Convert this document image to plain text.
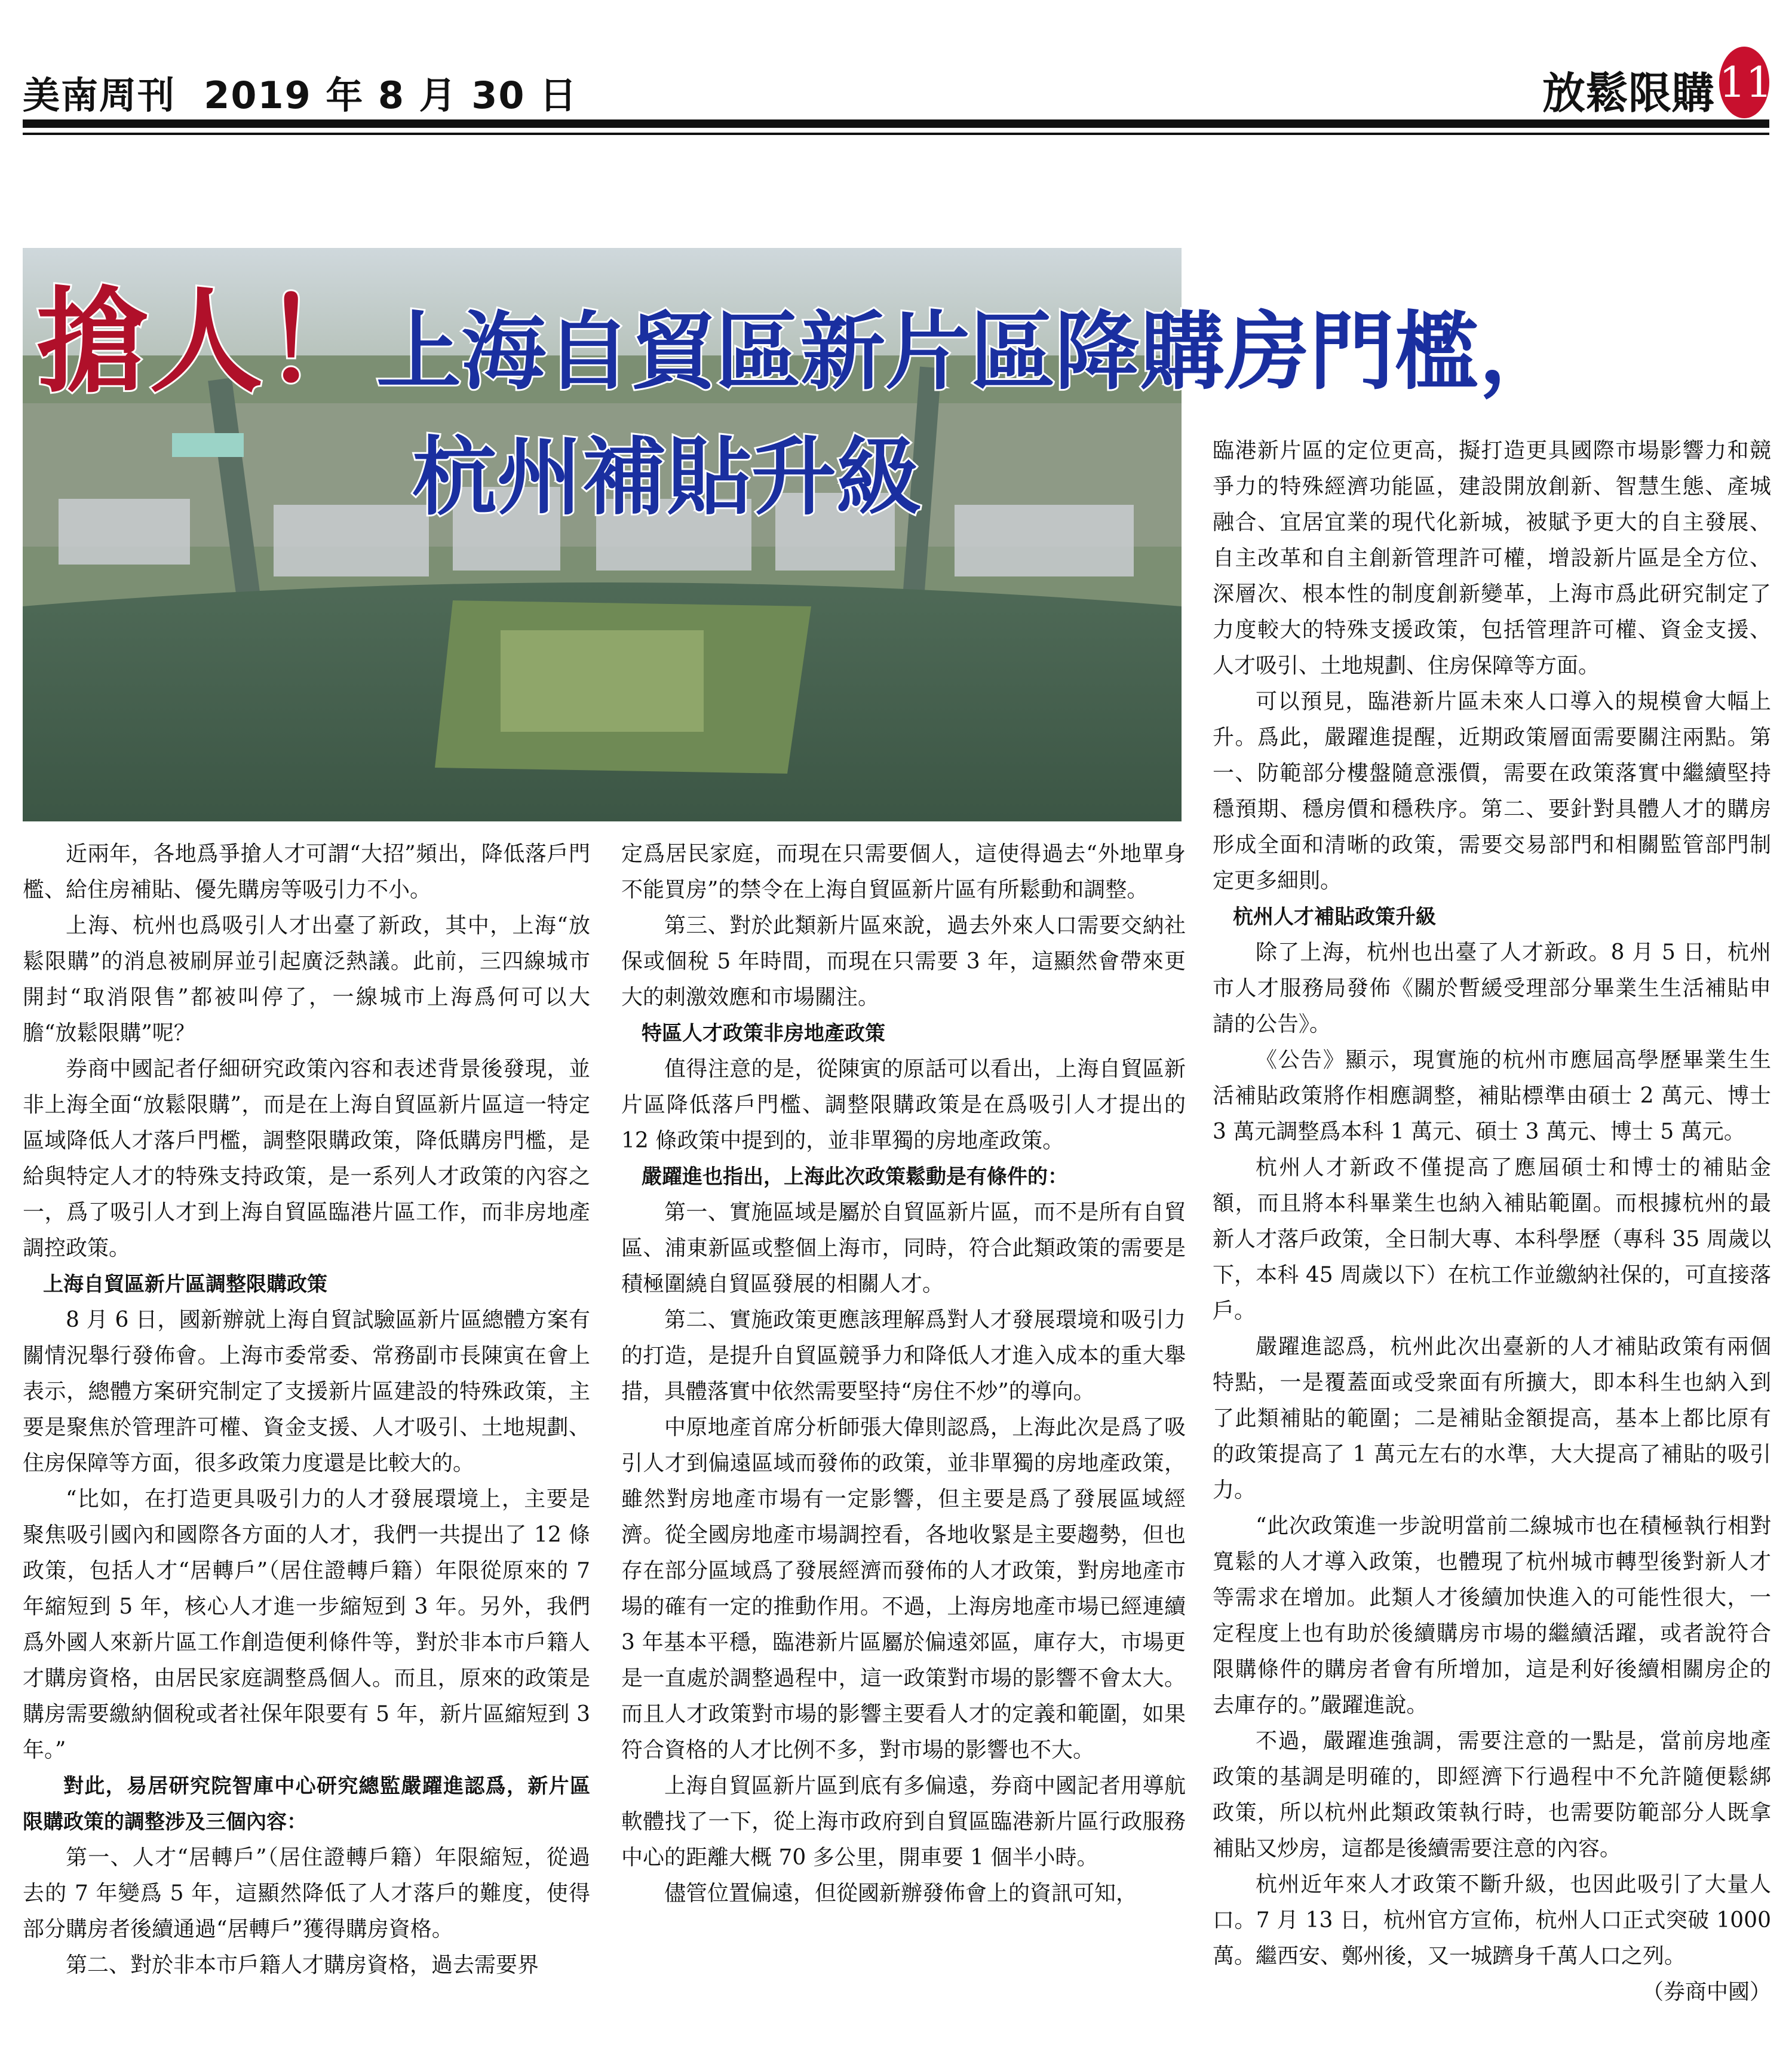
美南周刊 2019 年 8 月 30 日	放鬆限購 11
搶人！上海自貿區新片區降購房門檻，
杭州補貼升級

近兩年，各地爲爭搶人才可謂“大招”頻出，降低落戶門檻、給住房補貼、優先購房等吸引力不小。

上海、杭州也爲吸引人才出臺了新政，其中，上海“放鬆限購”的消息被刷屏並引起廣泛熱議。此前，三四線城市開封“取消限售”都被叫停了，一線城市上海爲何可以大膽“放鬆限購”呢？

券商中國記者仔細研究政策內容和表述背景後發現，並非上海全面“放鬆限購”，而是在上海自貿區新片區這一特定區域降低人才落戶門檻，調整限購政策，降低購房門檻，是給與特定人才的特殊支持政策，是一系列人才政策的內容之一，爲了吸引人才到上海自貿區臨港片區工作，而非房地產調控政策。

上海自貿區新片區調整限購政策

8 月 6 日，國新辦就上海自貿試驗區新片區總體方案有關情況舉行發佈會。上海市委常委、常務副市長陳寅在會上表示，總體方案研究制定了支援新片區建設的特殊政策，主要是聚焦於管理許可權、資金支援、人才吸引、土地規劃、住房保障等方面，很多政策力度還是比較大的。

“比如，在打造更具吸引力的人才發展環境上，主要是聚焦吸引國內和國際各方面的人才，我們一共提出了 12 條政策，包括人才“居轉戶”（居住證轉戶籍）年限從原來的 7 年縮短到 5 年，核心人才進一步縮短到 3 年。另外，我們爲外國人來新片區工作創造便利條件等，對於非本市戶籍人才購房資格，由居民家庭調整爲個人。而且，原來的政策是購房需要繳納個稅或者社保年限要有 5 年，新片區縮短到 3 年。”

對此，易居研究院智庫中心研究總監嚴躍進認爲，新片區限購政策的調整涉及三個內容：

第一、人才“居轉戶”（居住證轉戶籍）年限縮短，從過去的 7 年變爲 5 年，這顯然降低了人才落戶的難度，使得部分購房者後續通過“居轉戶”獲得購房資格。

第二、對於非本市戶籍人才購房資格，過去需要界

定爲居民家庭，而現在只需要個人，這使得過去“外地單身不能買房”的禁令在上海自貿區新片區有所鬆動和調整。

第三、對於此類新片區來說，過去外來人口需要交納社保或個稅 5 年時間，而現在只需要 3 年，這顯然會帶來更大的刺激效應和市場關注。

特區人才政策非房地產政策

值得注意的是，從陳寅的原話可以看出，上海自貿區新片區降低落戶門檻、調整限購政策是在爲吸引人才提出的 12 條政策中提到的，並非單獨的房地產政策。

嚴躍進也指出，上海此次政策鬆動是有條件的：

第一、實施區域是屬於自貿區新片區，而不是所有自貿區、浦東新區或整個上海市，同時，符合此類政策的需要是積極圍繞自貿區發展的相關人才。

第二、實施政策更應該理解爲對人才發展環境和吸引力的打造，是提升自貿區競爭力和降低人才進入成本的重大舉措，具體落實中依然需要堅持“房住不炒”的導向。

中原地產首席分析師張大偉則認爲，上海此次是爲了吸引人才到偏遠區域而發佈的政策，並非單獨的房地產政策，雖然對房地產市場有一定影響，但主要是爲了發展區域經濟。從全國房地產市場調控看，各地收緊是主要趨勢，但也存在部分區域爲了發展經濟而發佈的人才政策，對房地產市場的確有一定的推動作用。不過，上海房地產市場已經連續 3 年基本平穩，臨港新片區屬於偏遠郊區，庫存大，市場更是一直處於調整過程中，這一政策對市場的影響不會太大。而且人才政策對市場的影響主要看人才的定義和範圍，如果符合資格的人才比例不多，對市場的影響也不大。

上海自貿區新片區到底有多偏遠，券商中國記者用導航軟體找了一下，從上海市政府到自貿區臨港新片區行政服務中心的距離大概 70 多公里，開車要 1 個半小時。

儘管位置偏遠，但從國新辦發佈會上的資訊可知，

臨港新片區的定位更高，擬打造更具國際市場影響力和競爭力的特殊經濟功能區，建設開放創新、智慧生態、產城融合、宜居宜業的現代化新城，被賦予更大的自主發展、自主改革和自主創新管理許可權，增設新片區是全方位、深層次、根本性的制度創新變革，上海市爲此研究制定了力度較大的特殊支援政策，包括管理許可權、資金支援、人才吸引、土地規劃、住房保障等方面。

可以預見，臨港新片區未來人口導入的規模會大幅上升。爲此，嚴躍進提醒，近期政策層面需要關注兩點。第一、防範部分樓盤隨意漲價，需要在政策落實中繼續堅持穩預期、穩房價和穩秩序。第二、要針對具體人才的購房形成全面和清晰的政策，需要交易部門和相關監管部門制定更多細則。

杭州人才補貼政策升級

除了上海，杭州也出臺了人才新政。8 月 5 日，杭州市人才服務局發佈《關於暫緩受理部分畢業生生活補貼申請的公告》。

《公告》顯示，現實施的杭州市應屆高學歷畢業生生活補貼政策將作相應調整，補貼標準由碩士 2 萬元、博士 3 萬元調整爲本科 1 萬元、碩士 3 萬元、博士 5 萬元。

杭州人才新政不僅提高了應屆碩士和博士的補貼金額，而且將本科畢業生也納入補貼範圍。而根據杭州的最新人才落戶政策，全日制大專、本科學歷（專科 35 周歲以下，本科 45 周歲以下）在杭工作並繳納社保的，可直接落戶。

嚴躍進認爲，杭州此次出臺新的人才補貼政策有兩個特點，一是覆蓋面或受衆面有所擴大，即本科生也納入到了此類補貼的範圍；二是補貼金額提高，基本上都比原有的政策提高了 1 萬元左右的水準，大大提高了補貼的吸引力。

“此次政策進一步說明當前二線城市也在積極執行相對寬鬆的人才導入政策，也體現了杭州城市轉型後對新人才等需求在增加。此類人才後續加快進入的可能性很大，一定程度上也有助於後續購房市場的繼續活躍，或者說符合限購條件的購房者會有所增加，這是利好後續相關房企的去庫存的。”嚴躍進說。

不過，嚴躍進強調，需要注意的一點是，當前房地產政策的基調是明確的，即經濟下行過程中不允許隨便鬆綁政策，所以杭州此類政策執行時，也需要防範部分人既拿補貼又炒房，這都是後續需要注意的內容。

杭州近年來人才政策不斷升級，也因此吸引了大量人口。7 月 13 日，杭州官方宣佈，杭州人口正式突破 1000 萬。繼西安、鄭州後，又一城躋身千萬人口之列。

（券商中國）
